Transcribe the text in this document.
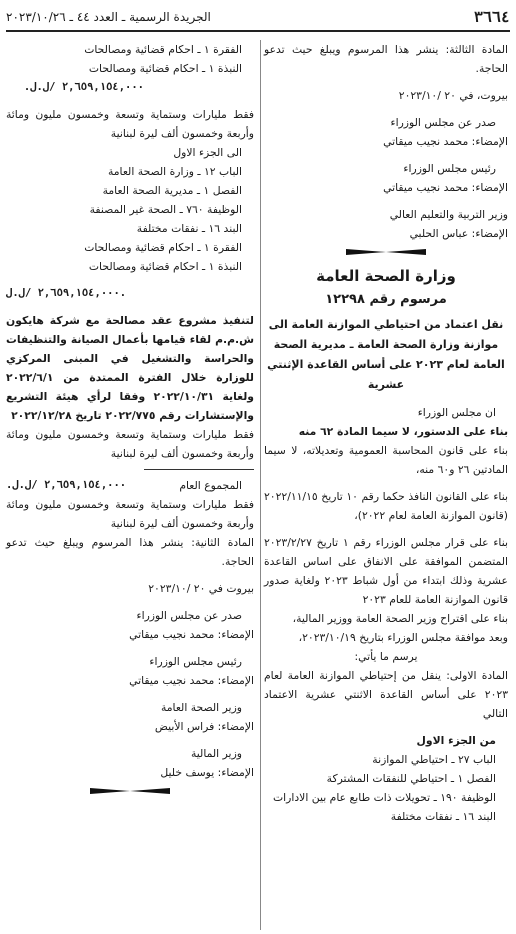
٣٦٦٤
الجريدة الرسمية ـ العدد ٤٤ ـ ٢٠٢٣/١٠/٢٦

المادة الثالثة: ينشر هذا المرسوم ويبلغ حيث تدعو الحاجة.

بيروت، في ٢٠ /٢٠٢٣/١٠

صدر عن مجلس الوزراء

الإمضاء: محمد نجيب ميقاتي

رئيس مجلس الوزراء

الإمضاء: محمد نجيب ميقاتي

وزير التربية والتعليم العالي

الإمضاء: عباس الحلبي

وزارة الصحة العامة
مرسوم رقم ١٢٢٩٨
نقل اعتماد من احتياطي الموازنة العامة الى موازنة وزارة الصحة العامة ـ مديرية الصحة العامة لعام ٢٠٢٣ على أساس القاعدة الإثنتي عشرية

ان مجلس الوزراء

بناء على الدستور، لا سيما المادة ٦٢ منه

بناء على قانون المحاسبة العمومية وتعديلاته، لا سيما المادتين ٢٦ و٦٠ منه،

بناء على القانون النافذ حكما رقم ١٠ تاريخ ٢٠٢٢/١١/١٥ (قانون الموازنة العامة لعام ٢٠٢٢)،

بناء على قرار مجلس الوزراء رقم ١ تاريخ ٢٠٢٣/٢/٢٧ المتضمن الموافقة على الانفاق على اساس القاعدة عشرية وذلك ابتداء من أول شباط ٢٠٢٣ ولغاية صدور قانون الموازنة العامة للعام ٢٠٢٣

بناء على اقتراح وزير الصحة العامة ووزير المالية،

وبعد موافقة مجلس الوزراء بتاريخ ٢٠٢٣/١٠/١٩،

يرسم ما يأتي:

المادة الاولى: ينقل من إحتياطي الموازنة العامة لعام ٢٠٢٣ على أساس القاعدة الاثنتي عشرية الاعتماد التالي

من الجزء الاول

الباب ٢٧ ـ احتياطي الموازنة

الفصل ١ ـ احتياطي للنفقات المشتركة

الوظيفة ١٩٠ ـ تحويلات ذات طابع عام بين الادارات

البند ١٦ ـ نفقات مختلفة

الفقرة ١ ـ احكام قضائية ومصالحات

النبذة ١ ـ احكام قضائية ومصالحات

٢,٦٥٩,١٥٤,٠٠٠ /ل.ل.

فقط مليارات وستماية وتسعة وخمسون مليون ومائة وأربعة وخمسون ألف ليرة لبنانية

الى الجزء الاول

الباب ١٢ ـ وزارة الصحة العامة

الفصل ١ ـ مديرية الصحة العامة

الوظيفة ٧٦٠ ـ الصحة غير المصنفة

البند ١٦ ـ نفقات مختلفة

الفقرة ١ ـ احكام قضائية ومصالحات

النبذة ١ ـ احكام قضائية ومصالحات

٢,٦٥٩,١٥٤,٠٠٠ /ل.ل.

لتنفيذ مشروع عقد مصالحة مع شركة هايكون ش.م.م لقاء قيامها بأعمال الصيانة والتنظيفات والحراسة والتشغيل في المبنى المركزي للوزارة خلال الفترة الممتدة من ٢٠٢٢/٦/١ ولغاية ٢٠٢٢/١٠/٣١ وفقا لرأي هيئة التشريع والإستشارات رقم ٢٠٢٢/٧٧٥ تاريخ ٢٠٢٢/١٢/٢٨

فقط مليارات وستماية وتسعة وخمسون مليون ومائة وأربعة وخمسون ألف ليرة لبنانية

المجموع العام
٢,٦٥٩,١٥٤,٠٠٠ /ل.ل.

فقط مليارات وستماية وتسعة وخمسون مليون ومائة وأربعة وخمسون ألف ليرة لبنانية

المادة الثانية: ينشر هذا المرسوم ويبلغ حيث تدعو الحاجة.

بيروت في ٢٠ /٢٠٢٣/١٠

صدر عن مجلس الوزراء

الإمضاء: محمد نجيب ميقاتي

رئيس مجلس الوزراء

الإمضاء: محمد نجيب ميقاتي

وزير الصحة العامة

الإمضاء: فراس الأبيض

وزير المالية

الإمضاء: يوسف خليل
